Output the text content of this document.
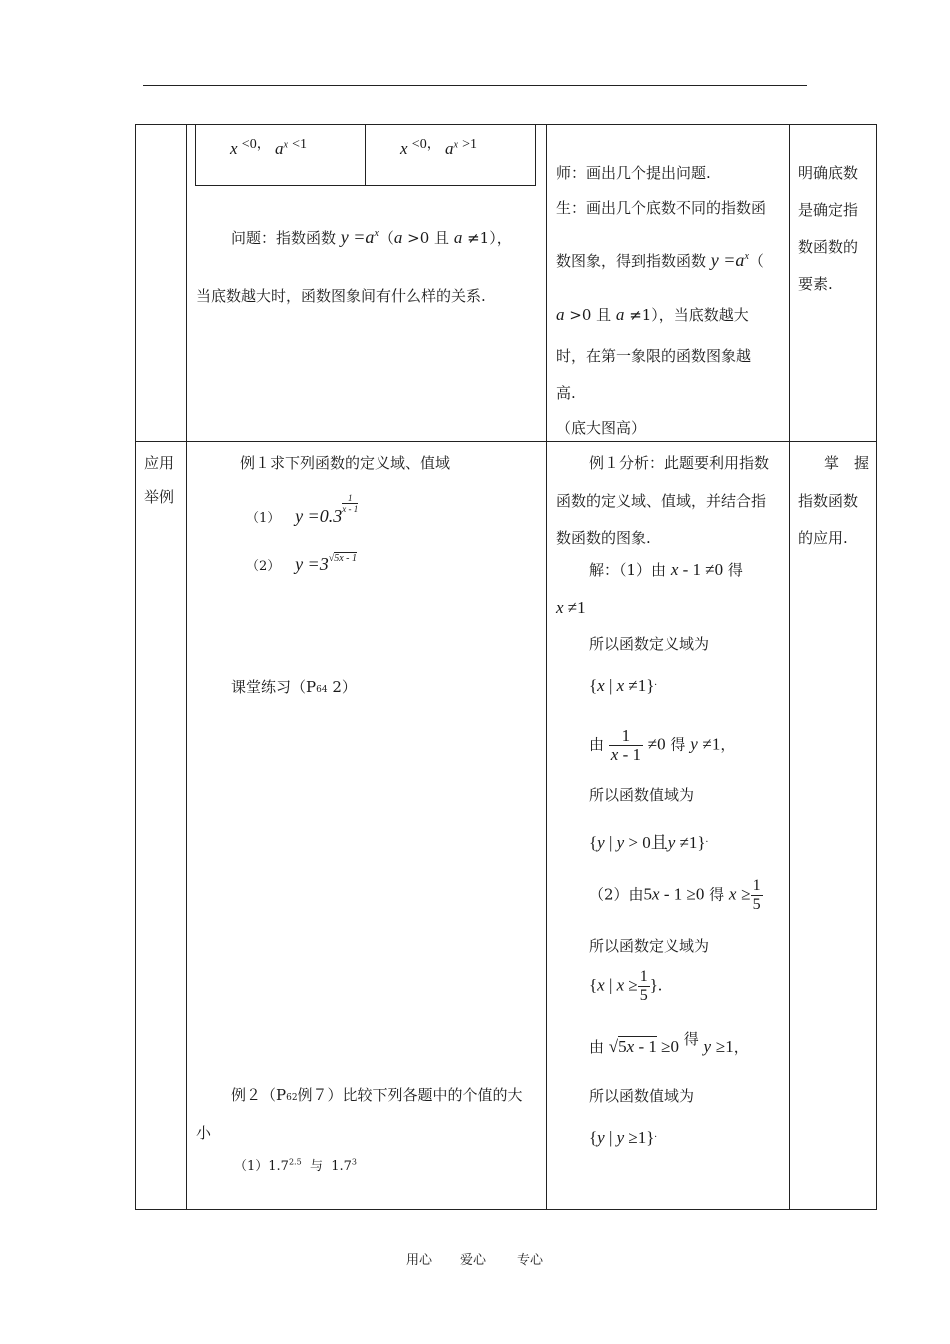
x $^{<0,}$ $a^x$ $^{<1}$	x $^{<0,}$ $a^x$ $^{>1}$
问题：指数函数 $y =a^x(a >0$ 且 a ≠1），
当底数越大时，函数图象间有什么样的关系.
师：画出几个提出问题.
生：画出几个底数不同的指数函
数图象，得到指数函数 $y =a^x$（
a >0 且 a ≠1），当底数越大
时，在第一象限的函数图象越
高.
（底大图高）
明确底数
是确定指
数函数的
要素.
应用
举例
例１求下列函数的定义域、值域
（1） y =0.3
$\frac{1}{x - 1}$
（2） $y =3^{√5x - 1}$
课堂练习（P64 2）
例２（P62例７）比较下列各题中的个值的大
小
$(1)1.7^{2.5}$  与  $1.7^3$
例１分析：此题要利用指数
函数的定义域、值域，并结合指
数函数的图象.
解：（1）由 x - 1 ≠0 得
x ≠1
所以函数定义域为
{x | x ≠1}.
由 $\frac{1}{x - 1} \ne 0$ 得 y ≠1，
所以函数值域为
{y | y > 0且y ≠1}.
（2）由5x - 1 ≥0 得 $x \ge \frac{1}{5}$
所以函数定义域为
{x | $x \ge \frac{1}{5}$ }.
由 √5x - 1 ≥0 得 y ≥1，
所以函数值域为
{y | y ≥1}.
掌　握
指数函数
的应用.
用心 爱心 专心
